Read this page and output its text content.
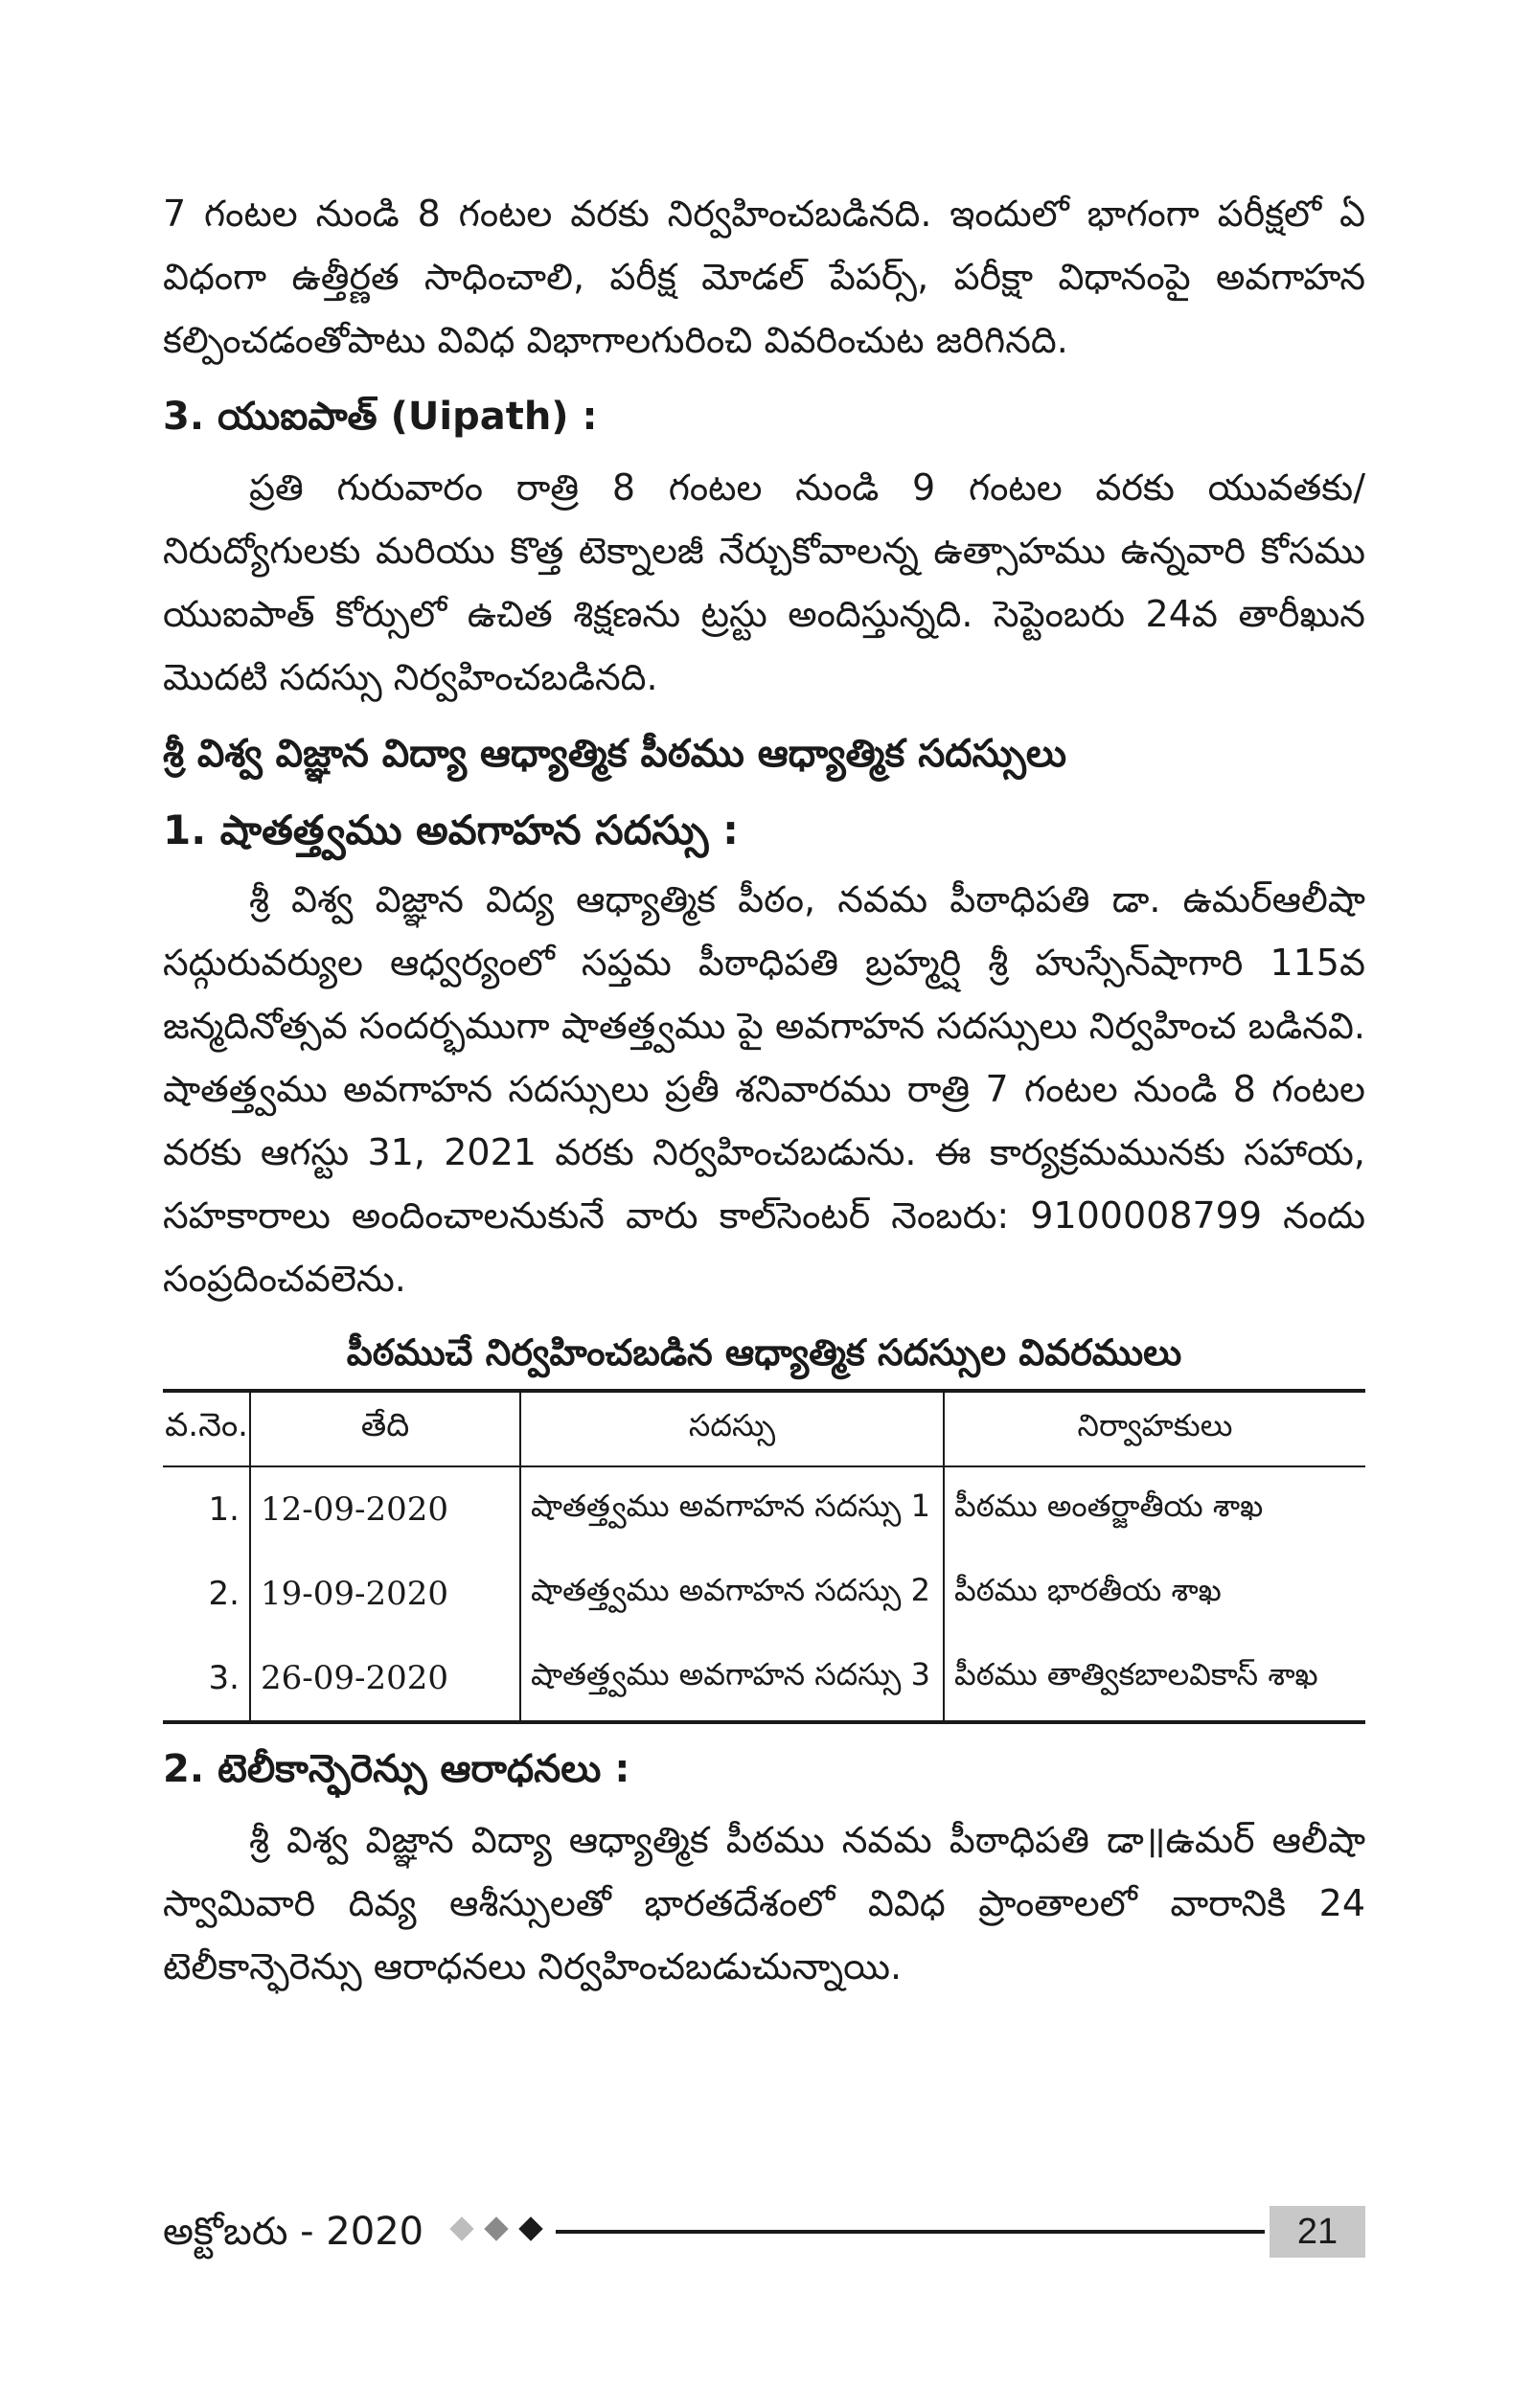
7 గంటల నుండి 8 గంటల వరకు నిర్వహించబడినది. ఇందులో భాగంగా పరీక్షలో ఏ విధంగా ఉత్తీర్ణత సాధించాలి, పరీక్ష మోడల్ పేపర్స్, పరీక్షా విధానంపై అవగాహన కల్పించడంతోపాటు వివిధ విభాగాలగురించి వివరించుట జరిగినది.

3. యుఐపాత్ (Uipath) :

ప్రతి గురువారం రాత్రి 8 గంటల నుండి 9 గంటల వరకు యువతకు/ నిరుద్యోగులకు మరియు కొత్త టెక్నాలజీ నేర్చుకోవాలన్న ఉత్సాహము ఉన్నవారి కోసము యుఐపాత్ కోర్సులో ఉచిత శిక్షణను ట్రస్టు అందిస్తున్నది. సెప్టెంబరు 24వ తారీఖున మొదటి సదస్సు నిర్వహించబడినది.

శ్రీ విశ్వ విజ్ఞాన విద్యా ఆధ్యాత్మిక పీఠము ఆధ్యాత్మిక సదస్సులు
1. షాతత్త్వము అవగాహన సదస్సు :

శ్రీ విశ్వ విజ్ఞాన విద్య ఆధ్యాత్మిక పీఠం, నవమ పీఠాధిపతి డా. ఉమర్‌ఆలీషా సద్గురువర్యుల ఆధ్వర్యంలో సప్తమ పీఠాధిపతి బ్రహ్మర్షి శ్రీ హుస్సేన్‌షాగారి 115వ జన్మదినోత్సవ సందర్భముగా షాతత్త్వము పై అవగాహన సదస్సులు నిర్వహించ బడినవి. షాతత్త్వము అవగాహన సదస్సులు ప్రతీ శనివారము రాత్రి 7 గంటల నుండి 8 గంటల వరకు ఆగస్టు 31, 2021 వరకు నిర్వహించబడును. ఈ కార్యక్రమమునకు సహాయ, సహకారాలు అందించాలనుకునే వారు కాల్‌సెంటర్ నెంబరు: 9100008799 నందు సంప్రదించవలెను.

పీఠముచే నిర్వహించబడిన ఆధ్యాత్మిక సదస్సుల వివరములు
వ.నెం.	తేది	సదస్సు	నిర్వాహకులు
1.	12-09-2020	షాతత్త్వము అవగాహన సదస్సు 1	పీఠము అంతర్జాతీయ శాఖ
2.	19-09-2020	షాతత్త్వము అవగాహన సదస్సు 2	పీఠము భారతీయ శాఖ
3.	26-09-2020	షాతత్త్వము అవగాహన సదస్సు 3	పీఠము తాత్వికబాలవికాస్ శాఖ
2. టెలీకాన్ఫెరెన్సు ఆరాధనలు :

శ్రీ విశ్వ విజ్ఞాన విద్యా ఆధ్యాత్మిక పీఠము నవమ పీఠాధిపతి డా॥ఉమర్ ఆలీషా స్వామివారి దివ్య ఆశీస్సులతో భారతదేశంలో వివిధ ప్రాంతాలలో వారానికి 24 టెలీకాన్ఫెరెన్సు ఆరాధనలు నిర్వహించబడుచున్నాయి.

అక్టోబరు - 2020	21
